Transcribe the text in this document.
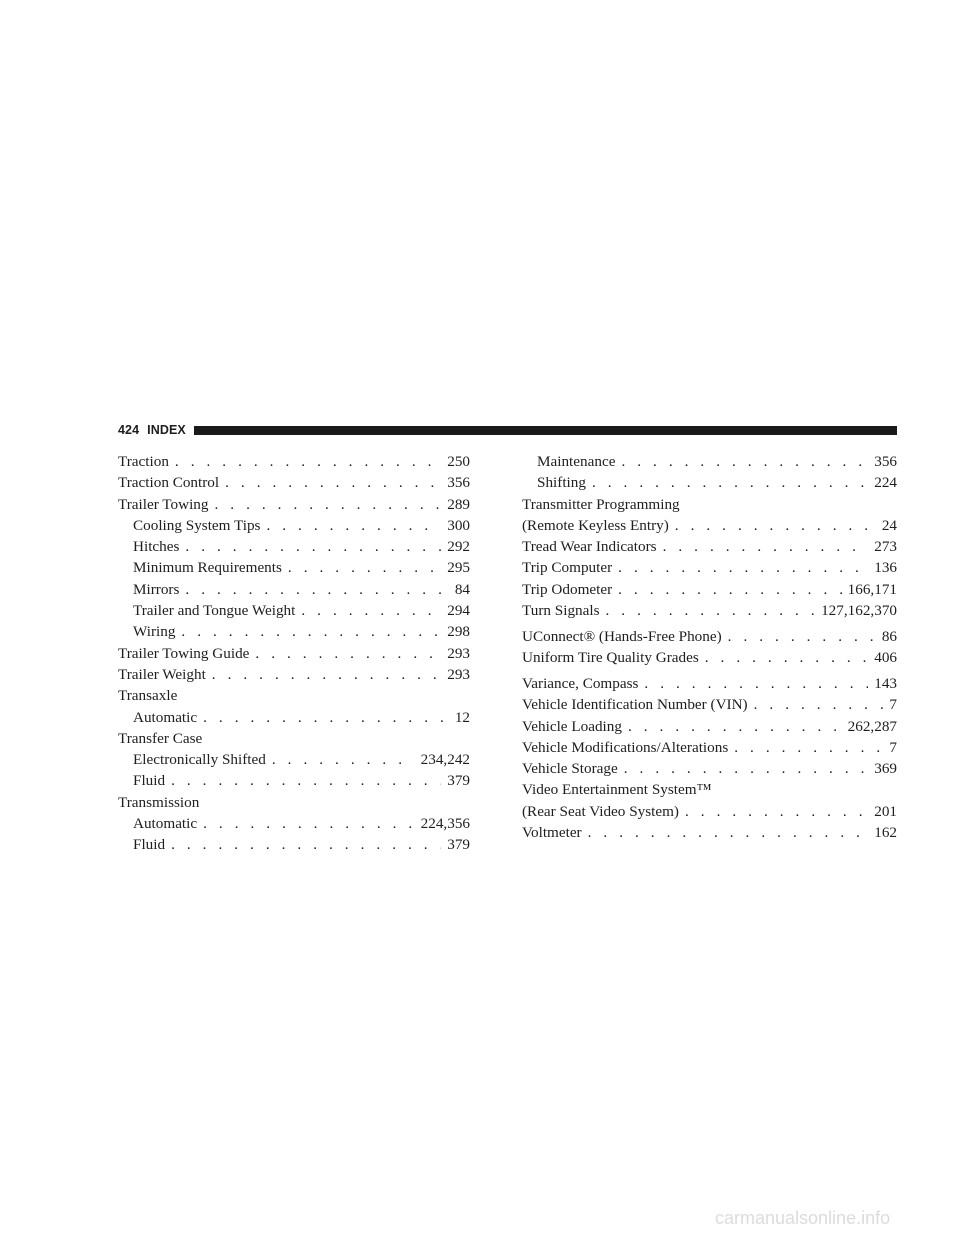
424 INDEX
Traction . . .	250
Traction Control . . .	356
Trailer Towing . . .	289
Cooling System Tips . . .	300
Hitches . . .	292
Minimum Requirements . . .	295
Mirrors . . .	84
Trailer and Tongue Weight . . .	294
Wiring . . .	298
Trailer Towing Guide . . .	293
Trailer Weight . . .	293
Transaxle
Automatic . . .	12
Transfer Case
Electronically Shifted . . .	234,242
Fluid . . .	379
Transmission
Automatic . . .	224,356
Fluid . . .	379
Maintenance . . .	356
Shifting . . .	224
Transmitter Programming
(Remote Keyless Entry) . . .	24
Tread Wear Indicators . . .	273
Trip Computer . . .	136
Trip Odometer . . .	166,171
Turn Signals . . .	127,162,370
UConnect® (Hands-Free Phone) . . .	86
Uniform Tire Quality Grades . . .	406
Variance, Compass . . .	143
Vehicle Identification Number (VIN) . . .	7
Vehicle Loading . . .	262,287
Vehicle Modifications/Alterations . . .	7
Vehicle Storage . . .	369
Video Entertainment System™
(Rear Seat Video System) . . .	201
Voltmeter . . .	162
carmanualsonline.info
